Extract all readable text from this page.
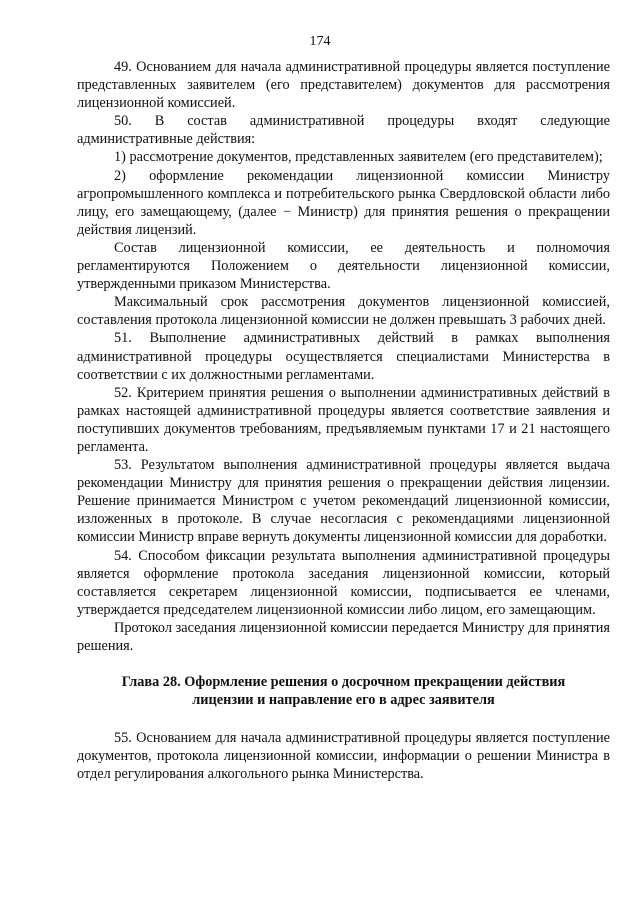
174

49. Основанием для начала административной процедуры является поступление представленных заявителем (его представителем) документов для рассмотрения лицензионной комиссией.

50. В состав административной процедуры входят следующие административные действия:

1) рассмотрение документов, представленных заявителем (его представителем);

2) оформление рекомендации лицензионной комиссии Министру агропромышленного комплекса и потребительского рынка Свердловской области либо лицу, его замещающему, (далее − Министр) для принятия решения о прекращении действия лицензий.

Состав лицензионной комиссии, ее деятельность и полномочия регламентируются Положением о деятельности лицензионной комиссии, утвержденными приказом Министерства.

Максимальный срок рассмотрения документов лицензионной комиссией, составления протокола лицензионной комиссии не должен превышать 3 рабочих дней.

51. Выполнение административных действий в рамках выполнения административной процедуры осуществляется специалистами Министерства в соответствии с их должностными регламентами.

52. Критерием принятия решения о выполнении административных действий в рамках настоящей административной процедуры является соответствие заявления и поступивших документов требованиям, предъявляемым пунктами 17 и 21 настоящего регламента.

53. Результатом выполнения административной процедуры является выдача рекомендации Министру для принятия решения о прекращении действия лицензии. Решение принимается Министром с учетом рекомендаций лицензионной комиссии, изложенных в протоколе. В случае несогласия с рекомендациями лицензионной комиссии Министр вправе вернуть документы лицензионной комиссии для доработки.

54. Способом фиксации результата выполнения административной процедуры является оформление протокола заседания лицензионной комиссии, который составляется секретарем лицензионной комиссии, подписывается ее членами, утверждается председателем лицензионной комиссии либо лицом, его замещающим.

Протокол заседания лицензионной комиссии передается Министру для принятия решения.

Глава 28. Оформление решения о досрочном прекращении действия
лицензии и направление его в адрес заявителя

55. Основанием для начала административной процедуры является поступление документов, протокола лицензионной комиссии, информации о решении Министра в отдел регулирования алкогольного рынка Министерства.
